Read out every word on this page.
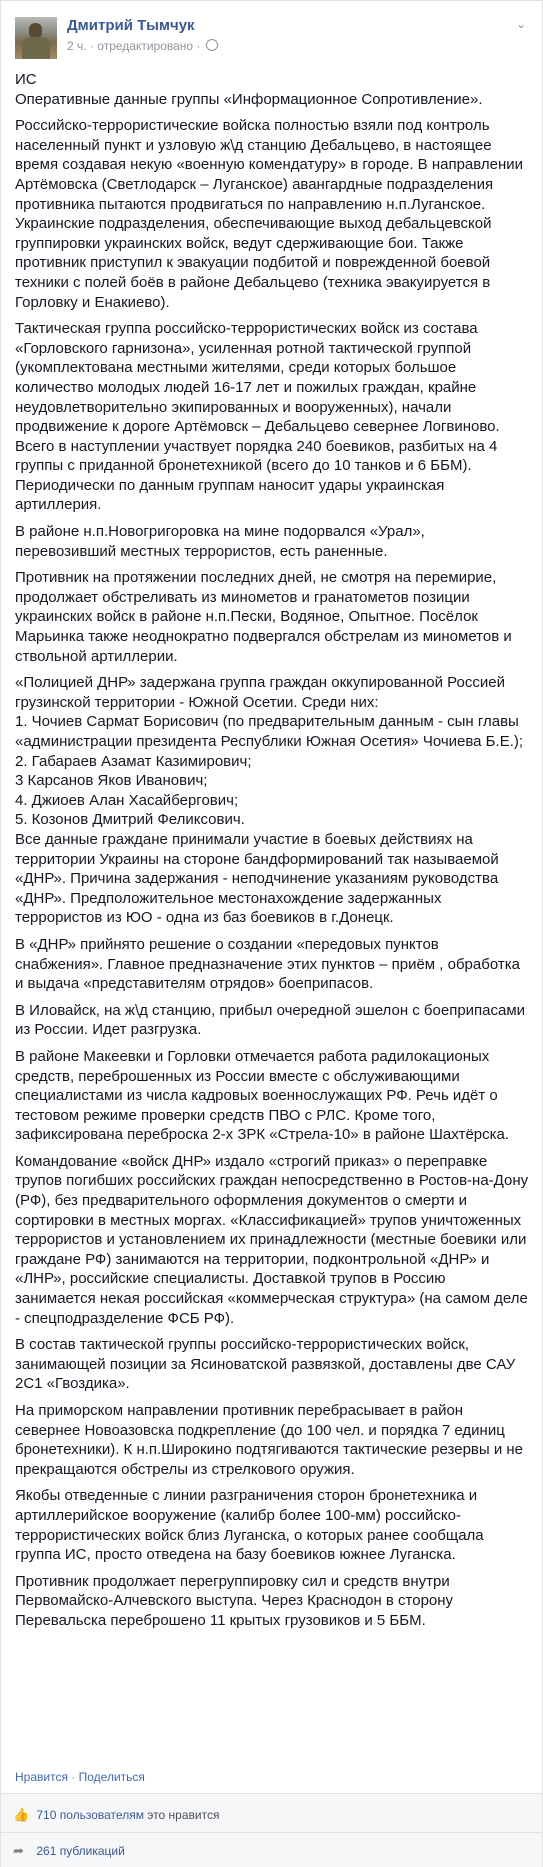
Дмитрий Тымчук
2 ч. · отредактировано ·
⌄

ИС

Оперативные данные группы «Информационное Сопротивление».

Российско-террористические войска полностью взяли под контроль населенный пункт и узловую ж\д станцию Дебальцево, в настоящее время создавая некую «военную комендатуру» в городе. В направлении Артёмовска (Светлодарск – Луганское) авангардные подразделения противника пытаются продвигаться по направлению н.п.Луганское. Украинские подразделения, обеспечивающие выход дебальцевской группировки украинских войск, ведут сдерживающие бои. Также противник приступил к эвакуации подбитой и поврежденной боевой техники с полей боёв в районе Дебальцево (техника эвакуируется в Горловку и Енакиево).

Тактическая группа российско-террористических войск из состава «Горловского гарнизона», усиленная ротной тактической группой (укомплектована местными жителями, среди которых большое количество молодых людей 16-17 лет и пожилых граждан, крайне неудовлетворительно экипированных и вооруженных), начали продвижение к дороге Артёмовск – Дебальцево севернее Логвиново. Всего в наступлении участвует порядка 240 боевиков, разбитых на 4 группы с приданной бронетехникой (всего до 10 танков и 6 ББМ). Периодически по данным группам наносит удары украинская артиллерия.

В районе н.п.Новогригоровка на мине подорвался «Урал», перевозивший местных террористов, есть раненные.

Противник на протяжении последних дней, не смотря на перемирие, продолжает обстреливать из минометов и гранатометов позиции украинских войск в районе н.п.Пески, Водяное, Опытное. Посёлок Марьинка также неоднократно подвергался обстрелам из минометов и ствольной артиллерии.

«Полицией ДНР» задержана группа граждан оккупированной Россией грузинской территории - Южной Осетии. Среди них:

1. Чочиев Сармат Борисович (по предварительным данным - сын главы «администрации президента Республики Южная Осетия» Чочиева Б.Е.);

2. Габараев Азамат Казимирович;

3 Карсанов Яков Иванович;

4. Джиоев Алан Хасайбергович;

5. Козонов Дмитрий Феликсович.

Все данные граждане принимали участие в боевых действиях на территории Украины на стороне бандформирований так называемой «ДНР». Причина задержания - неподчинение указаниям руководства «ДНР». Предположительное местонахождение задержанных террористов из ЮО - одна из баз боевиков в г.Донецк.

В «ДНР» прийнято решение о создании «передовых пунктов снабжения». Главное предназначение этих пунктов – приём , обработка и выдача «представителям отрядов» боеприпасов.

В Иловайск, на ж\д станцию, прибыл очередной эшелон с боеприпасами из России. Идет разгрузка.

В районе Макеевки и Горловки отмечается работа радилокационых средств, переброшенных из России вместе с обслуживающими специалистами из числа кадровых военнослужащих РФ. Речь идёт о тестовом режиме проверки средств ПВО с РЛС. Кроме того, зафиксирована переброска 2-х ЗРК «Стрела-10» в районе Шахтёрска.

Командование «войск ДНР» издало «строгий приказ» о переправке трупов погибших российских граждан непосредственно в Ростов-на-Дону (РФ), без предварительного оформления документов о смерти и сортировки в местных моргах. «Классификацией» трупов уничтоженных террористов и установлением их принадлежности (местные боевики или граждане РФ) занимаются на территории, подконтрольной «ДНР» и «ЛНР», российские специалисты. Доставкой трупов в Россию занимается некая российская «коммерческая структура» (на самом деле - спецподразделение ФСБ РФ).

В состав тактической группы российско-террористических войск, занимающей позиции за Ясиноватской развязкой, доставлены две САУ 2С1 «Гвоздика».

На приморском направлении противник перебрасывает в район севернее Новоазовска подкрепление (до 100 чел. и порядка 7 единиц бронетехники). К н.п.Широкино подтягиваются тактические резервы и не прекращаются обстрелы из стрелкового оружия.

Якобы отведенные с линии разграничения сторон бронетехника и артиллерийское вооружение (калибр более 100-мм) российско-террористических войск близ Луганска, о которых ранее сообщала группа ИС, просто отведена на базу боевиков южнее Луганска.

Противник продолжает перегруппировку сил и средств внутри Первомайско-Алчевского выступа. Через Краснодон в сторону Перевальска переброшено 11 крытых грузовиков и 5 ББМ.

Нравится · Поделиться
👍 710 пользователям это нравится
➦ 261 публикаций
